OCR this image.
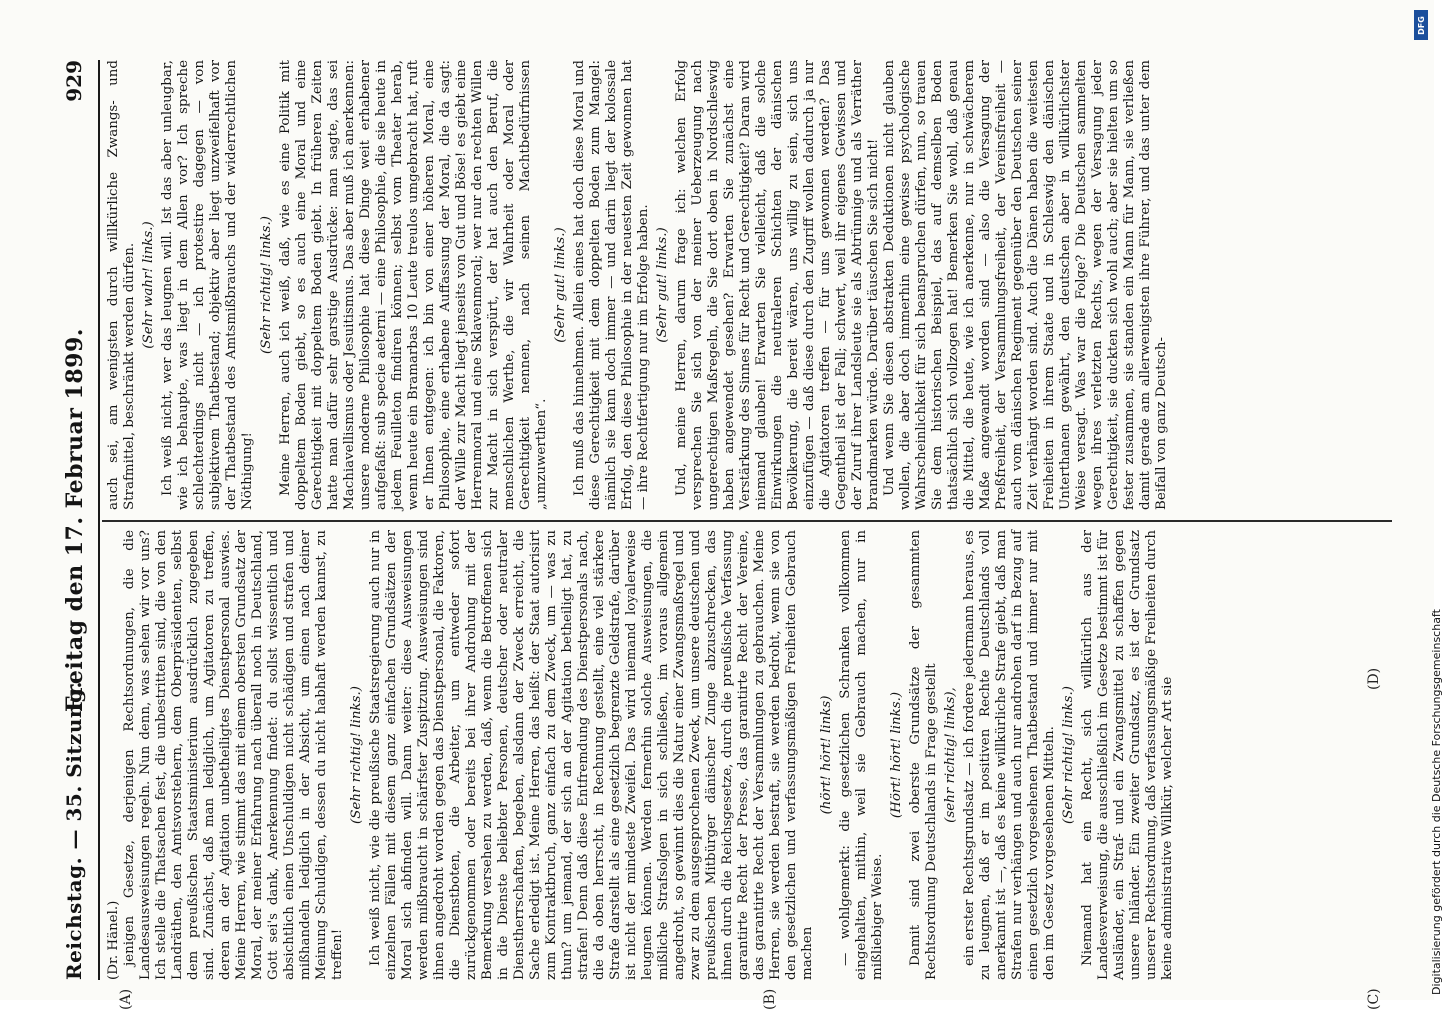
Reichstag. — 35. Sitzung.
Freitag den 17. Februar 1899.
929
(Dr. Hänel.) jenigen Gesetze, derjenigen Rechtsordnungen, die die Landesausweisungen regeln. Nun denn, was sehen wir vor uns? Ich stelle die Thatsachen fest, die unbestritten sind, die von den Landräthen, den Amtsvorstehern, dem Oberpräsidenten, selbst dem preußischen Staatsministerium ausdrücklich zugegeben sind. Zunächst, daß man lediglich, um Agitatoren zu treffen, deren an der Agitation unbetheiligtes Dienstpersonal auswies. Meine Herren, wie stimmt das mit einem obersten Grundsatz der Moral, der meiner Erfahrung nach überall noch in Deutschland, Gott sei's dank, Anerkennung findet: du sollst wissentlich und absichtlich einen Unschuldigen nicht schädigen und strafen und mißhandeln lediglich in der Absicht, um einen nach deiner Meinung Schuldigen, dessen du nicht habhaft werden kannst, zu treffen!
(Sehr richtig! links.) Ich weiß nicht, wie die preußische Staatsregierung auch nur in einzelnen Fällen mit diesem ganz einfachen Grundsätzen der Moral sich abfinden will. Dann weiter: diese Ausweisungen werden mißbraucht in schärfster Zuspitzung. Ausweisungen sind ihnen angedroht worden gegen das Dienstpersonal, die Faktoren, die Dienstboten, die Arbeiter, um entweder sofort zurückgenommen oder bereits bei ihrer Androhung mit der Bemerkung versehen zu werden, daß, wenn die Betroffenen sich in die Dienste beliebter Personen, deutscher oder neutraler Dienstherrschaften, begeben, alsdann der Zweck erreicht, die Sache erledigt ist. Meine Herren, das heißt: der Staat autorisirt zum Kontraktbruch, ganz einfach zu dem Zweck, um — was zu thun? um jemand, der sich an der Agitation betheiligt hat, zu strafen! Denn daß diese Entfremdung des Dienstpersonals nach, die da oben herrscht, in Rechnung gestellt, eine viel stärkere Strafe darstellt als eine gesetzlich begrenzte Geldstrafe, darüber ist nicht der mindeste Zweifel. Das wird niemand loyalerweise leugnen können. Werden fernerhin solche Ausweisungen, die mißliche Strafsolgen in sich schließen, im voraus allgemein angedroht, so gewinnt dies die Natur einer Zwangsmaßregel und zwar zu dem ausgesprochenen Zweck, um unsere deutschen und preußischen Mitbürger dänischer Zunge abzuschrecken, das ihnen durch die Reichsgesetze, durch die preußische Verfassung garantirte Recht der Presse, das garantirte Recht der Vereine, das garantirte Recht der Versammlungen zu gebrauchen. Meine Herren, sie werden bestraft, sie werden bedroht, wenn sie von den gesetzlichen und verfassungsmäßigen Freiheiten Gebrauch machen
(hört! hört! links) — wohlgemerkt: die gesetzlichen Schranken vollkommen eingehalten, mithin, weil sie Gebrauch machen, nur in mißliebiger Weise.
(Hört! hört! links.) Damit sind zwei oberste Grundsätze der gesammten Rechtsordnung Deutschlands in Frage gestellt (sehr richtig! links), ein erster Rechtsgrundsatz — ich fordere jedermann heraus, es zu leugnen, daß er im positiven Rechte Deutschlands voll anerkannt ist —, daß es keine willkürliche Strafe giebt, daß man Strafen nur verhängen und auch nur androhen darf in Bezug auf einen gesetzlich vorgesehenen Thatbestand und immer nur mit den im Gesetz vorgesehenen Mitteln. (Sehr richtig! links.) Niemand hat ein Recht, sich willkürlich aus der Landesverweisung, die ausschließlich im Gesetze bestimmt ist für Ausländer, ein Straf- und ein Zwangsmittel zu schaffen gegen unsere Inländer. Ein zweiter Grundsatz, es ist der Grundsatz unserer Rechtsordnung, daß verfassungsmäßige Freiheiten durch keine administrative Willkür, welcher Art sie
auch sei, am wenigsten durch willkürliche Zwangs- und Strafmittel, beschränkt werden dürfen. (Sehr wahr! links.) Ich weiß nicht, wer das leugnen will. Ist das aber unleugbar, wie ich behaupte, was liegt in dem Allen vor? Ich spreche schlechterdings nicht — ich protestire dagegen — von subjektivem Thatbestand; objektiv aber liegt unzweifelhaft vor der Thatbestand des Amtsmißbrauchs und der widerrechtlichen Nöthigung!
(Sehr richtig! links.) Meine Herren, auch ich weiß, daß, wie es eine Politik mit doppeltem Boden giebt, so es auch eine Moral und eine Gerechtigkeit mit doppeltem Boden giebt. In früheren Zeiten hatte man dafür sehr garstige Ausdrücke: man sagte, das sei Machiavellismus oder Jesuitismus. Das aber muß ich anerkennen: unsere moderne Philosophie hat diese Dinge weit erhabener aufgefaßt: sub specie aeterni — eine Philosophie, die sie heute in jedem Feuilleton findiren können; selbst vom Theater herab, wenn heute ein Bramarbas 10 Leute treulos umgebracht hat, ruft er Ihnen entgegen: ich bin von einer höheren Moral, eine Philosophie, eine erhabene Auffassung der Moral, die da sagt: der Wille zur Macht liegt jenseits von Gut und Böse! es giebt eine Herrenmoral und eine Sklavenmoral; wer nur den rechten Willen zur Macht in sich verspürt, der hat auch den Beruf, die menschlichen Werthe, die wir Wahrheit oder Moral oder Gerechtigkeit nennen, nach seinen Machtbedürfnissen „umzuwerthen“.
(Sehr gut! links.) Ich muß das hinnehmen. Allein eines hat doch diese Moral und diese Gerechtigkeit mit dem doppelten Boden zum Mangel: nämlich sie kann doch immer — und darin liegt der kolossale Erfolg, den diese Philosophie in der neuesten Zeit gewonnen hat — ihre Rechtfertigung nur im Erfolge haben. (Sehr gut! links.) Und, meine Herren, darum frage ich: welchen Erfolg versprechen Sie sich von der meiner Ueberzeugung nach ungerechtigen Maßregeln, die Sie dort oben in Nordschleswig haben angewendet gesehen? Erwarten Sie zunächst eine Verstärkung des Sinnes für Recht und Gerechtigkeit? Daran wird niemand glauben! Erwarten Sie vielleicht, daß die solche Einwirkungen die neutraleren Schichten der dänischen Bevölkerung, die bereit wären, uns willig zu sein, sich uns einzufügen — daß diese durch den Zugriff wollen dadurch ja nur die Agitatoren treffen — für uns gewonnen werden? Das Gegentheil ist der Fall; schwert, weil ihr eigenes Gewissen und der Zuruf ihrer Landsleute sie als Abtrünnige und als Verräther brandmarken würde. Darüber täuschen Sie sich nicht! Und wenn Sie diesen abstrakten Deduktionen nicht glauben wollen, die aber doch immerhin eine gewisse psychologische Wahrscheinlichkeit für sich beanspruchen dürfen, nun, so trauen Sie dem historischen Beispiel, das auf demselben Boden thatsächlich sich vollzogen hat! Bemerken Sie wohl, daß genau die Mittel, die heute, wie ich anerkenne, nur in schwächerem Maße angewandt worden sind — also die Versagung der Preßfreiheit, der Versammlungsfreiheit, der Vereinsfreiheit — auch vom dänischen Regiment gegenüber den Deutschen seiner Zeit verhängt worden sind. Auch die Dänen haben die weitesten Freiheiten in ihrem Staate und in Schleswig den dänischen Unterthanen gewährt, den deutschen aber in willkürlichster Weise versagt. Was war die Folge? Die Deutschen sammelten wegen ihres verletzten Rechts, wegen der Versagung jeder Gerechtigkeit, sie duckten sich wohl auch; aber sie hielten um so fester zusammen, sie standen ein Mann für Mann, sie verließen damit gerade am allerwenigsten ihre Führer, und das unter dem Beifall von ganz Deutsch-
(A)	(B)	(C)
(D)
DFG
Digitalisierung gefördert durch die Deutsche Forschungsgemeinschaft
